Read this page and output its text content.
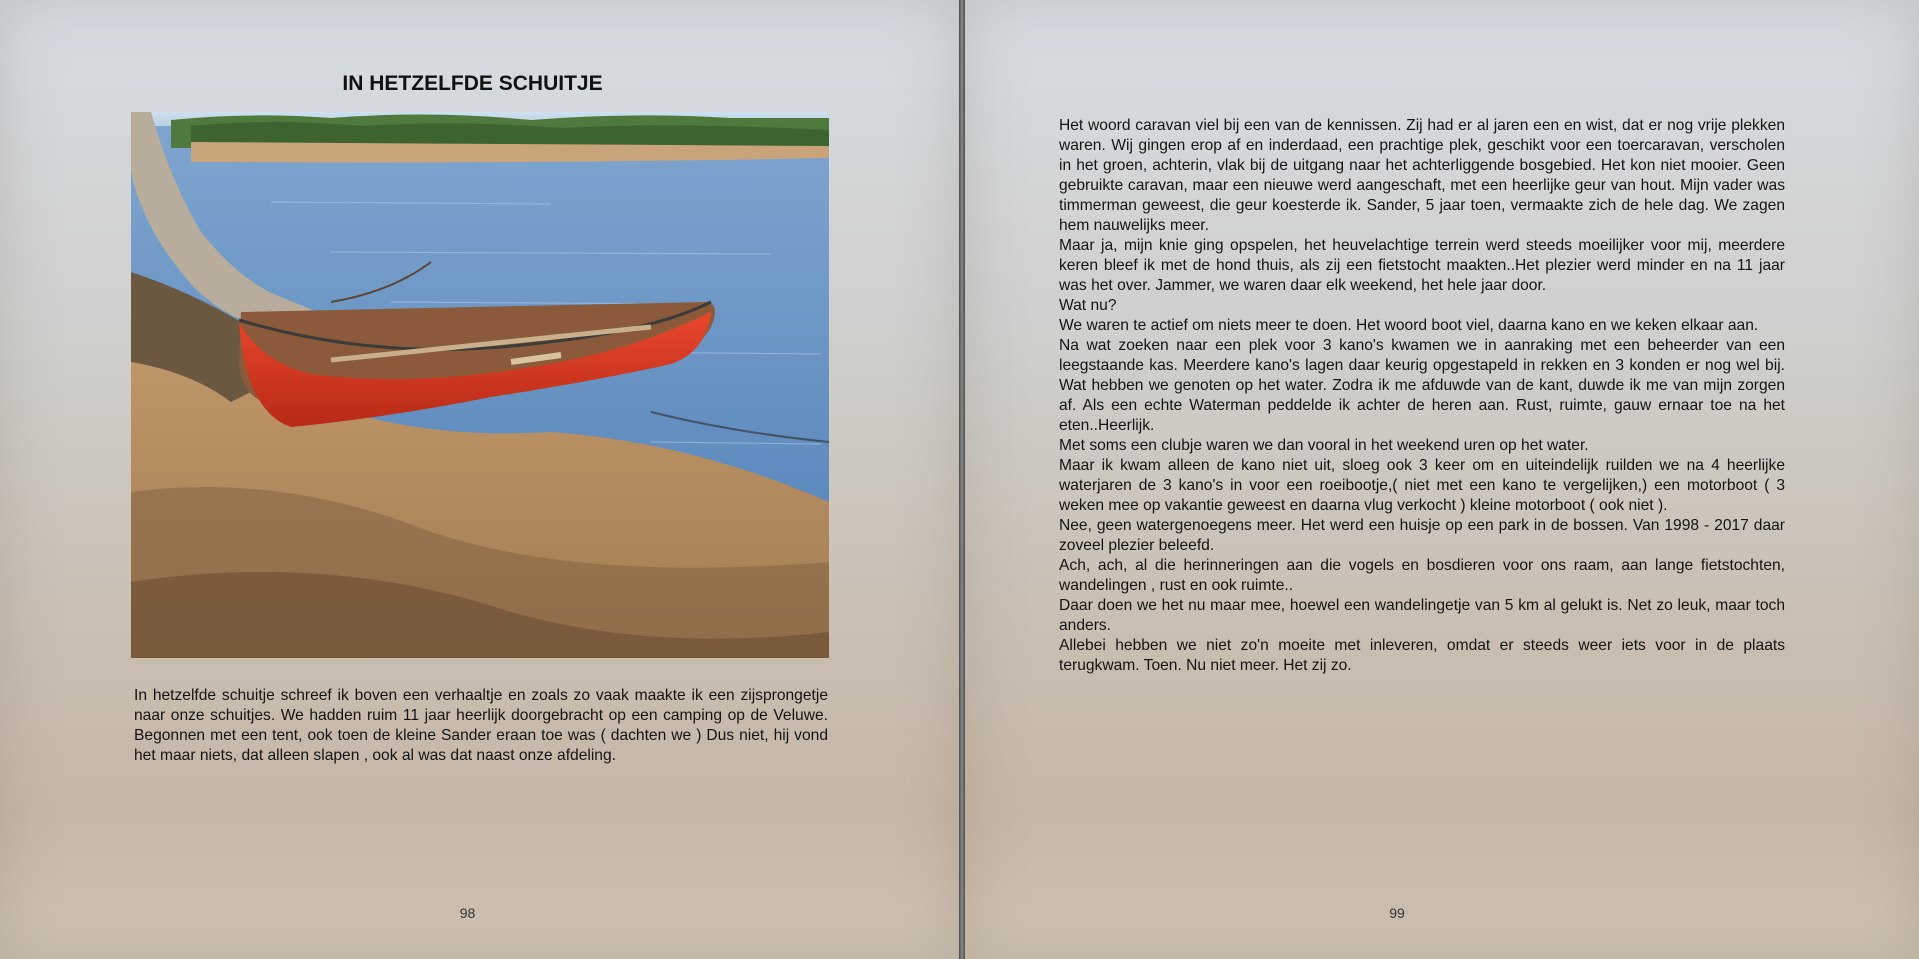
IN HETZELFDE SCHUITJE

In hetzelfde schuitje schreef ik boven een verhaaltje en zoals zo vaak maakte ik een zijsprongetje naar onze schuitjes. We hadden ruim 11 jaar heerlijk doorgebracht op een camping op de Veluwe. Begonnen met een tent, ook toen de kleine Sander eraan toe was ( dachten we ) Dus niet, hij vond het maar niets, dat alleen slapen , ook al was dat naast onze afdeling.

98

Het woord caravan viel bij een van de kennissen. Zij had er al jaren een en wist, dat er nog vrije plekken waren. Wij gingen erop af en inderdaad, een prachtige plek, geschikt voor een toercaravan, verscholen in het groen, achterin, vlak bij de uitgang naar het achterliggende bosgebied. Het kon niet mooier. Geen gebruikte caravan, maar een nieuwe werd aangeschaft, met een heerlijke geur van hout. Mijn vader was timmerman geweest, die geur koesterde ik. Sander, 5 jaar toen, vermaakte zich de hele dag. We zagen hem nauwelijks meer.

Maar ja, mijn knie ging opspelen, het heuvelachtige terrein werd steeds moeilijker voor mij, meerdere keren bleef ik met de hond thuis, als zij een fietstocht maakten..Het plezier werd minder en na 11 jaar was het over. Jammer, we waren daar elk weekend, het hele jaar door.

Wat nu?

We waren te actief om niets meer te doen. Het woord boot viel, daarna kano en we keken elkaar aan.

Na wat zoeken naar een plek voor 3 kano's kwamen we in aanraking met een beheerder van een leegstaande kas. Meerdere kano's lagen daar keurig opgestapeld in rekken en 3 konden er nog wel bij. Wat hebben we genoten op het water. Zodra ik me afduwde van de kant, duwde ik me van mijn zorgen af. Als een echte Waterman peddelde ik achter de heren aan. Rust, ruimte, gauw ernaar toe na het eten..Heerlijk.

Met soms een clubje waren we dan vooral in het weekend uren op het water.

Maar ik kwam alleen de kano niet uit, sloeg ook 3 keer om en uiteindelijk ruilden we na 4 heerlijke waterjaren de 3 kano's in voor een roeibootje,( niet met een kano te vergelijken,) een motorboot ( 3 weken mee op vakantie geweest en daarna vlug verkocht ) kleine motorboot ( ook niet ).

Nee, geen watergenoegens meer. Het werd een huisje op een park in de bossen. Van 1998 - 2017 daar zoveel plezier beleefd.

Ach, ach, al die herinneringen aan die vogels en bosdieren voor ons raam, aan lange fietstochten, wandelingen , rust en ook ruimte..

Daar doen we het nu maar mee, hoewel een wandelingetje van 5 km al gelukt is. Net zo leuk, maar toch anders.

Allebei hebben we niet zo'n moeite met inleveren, omdat er steeds weer iets voor in de plaats terugkwam. Toen. Nu niet meer. Het zij zo.

99
